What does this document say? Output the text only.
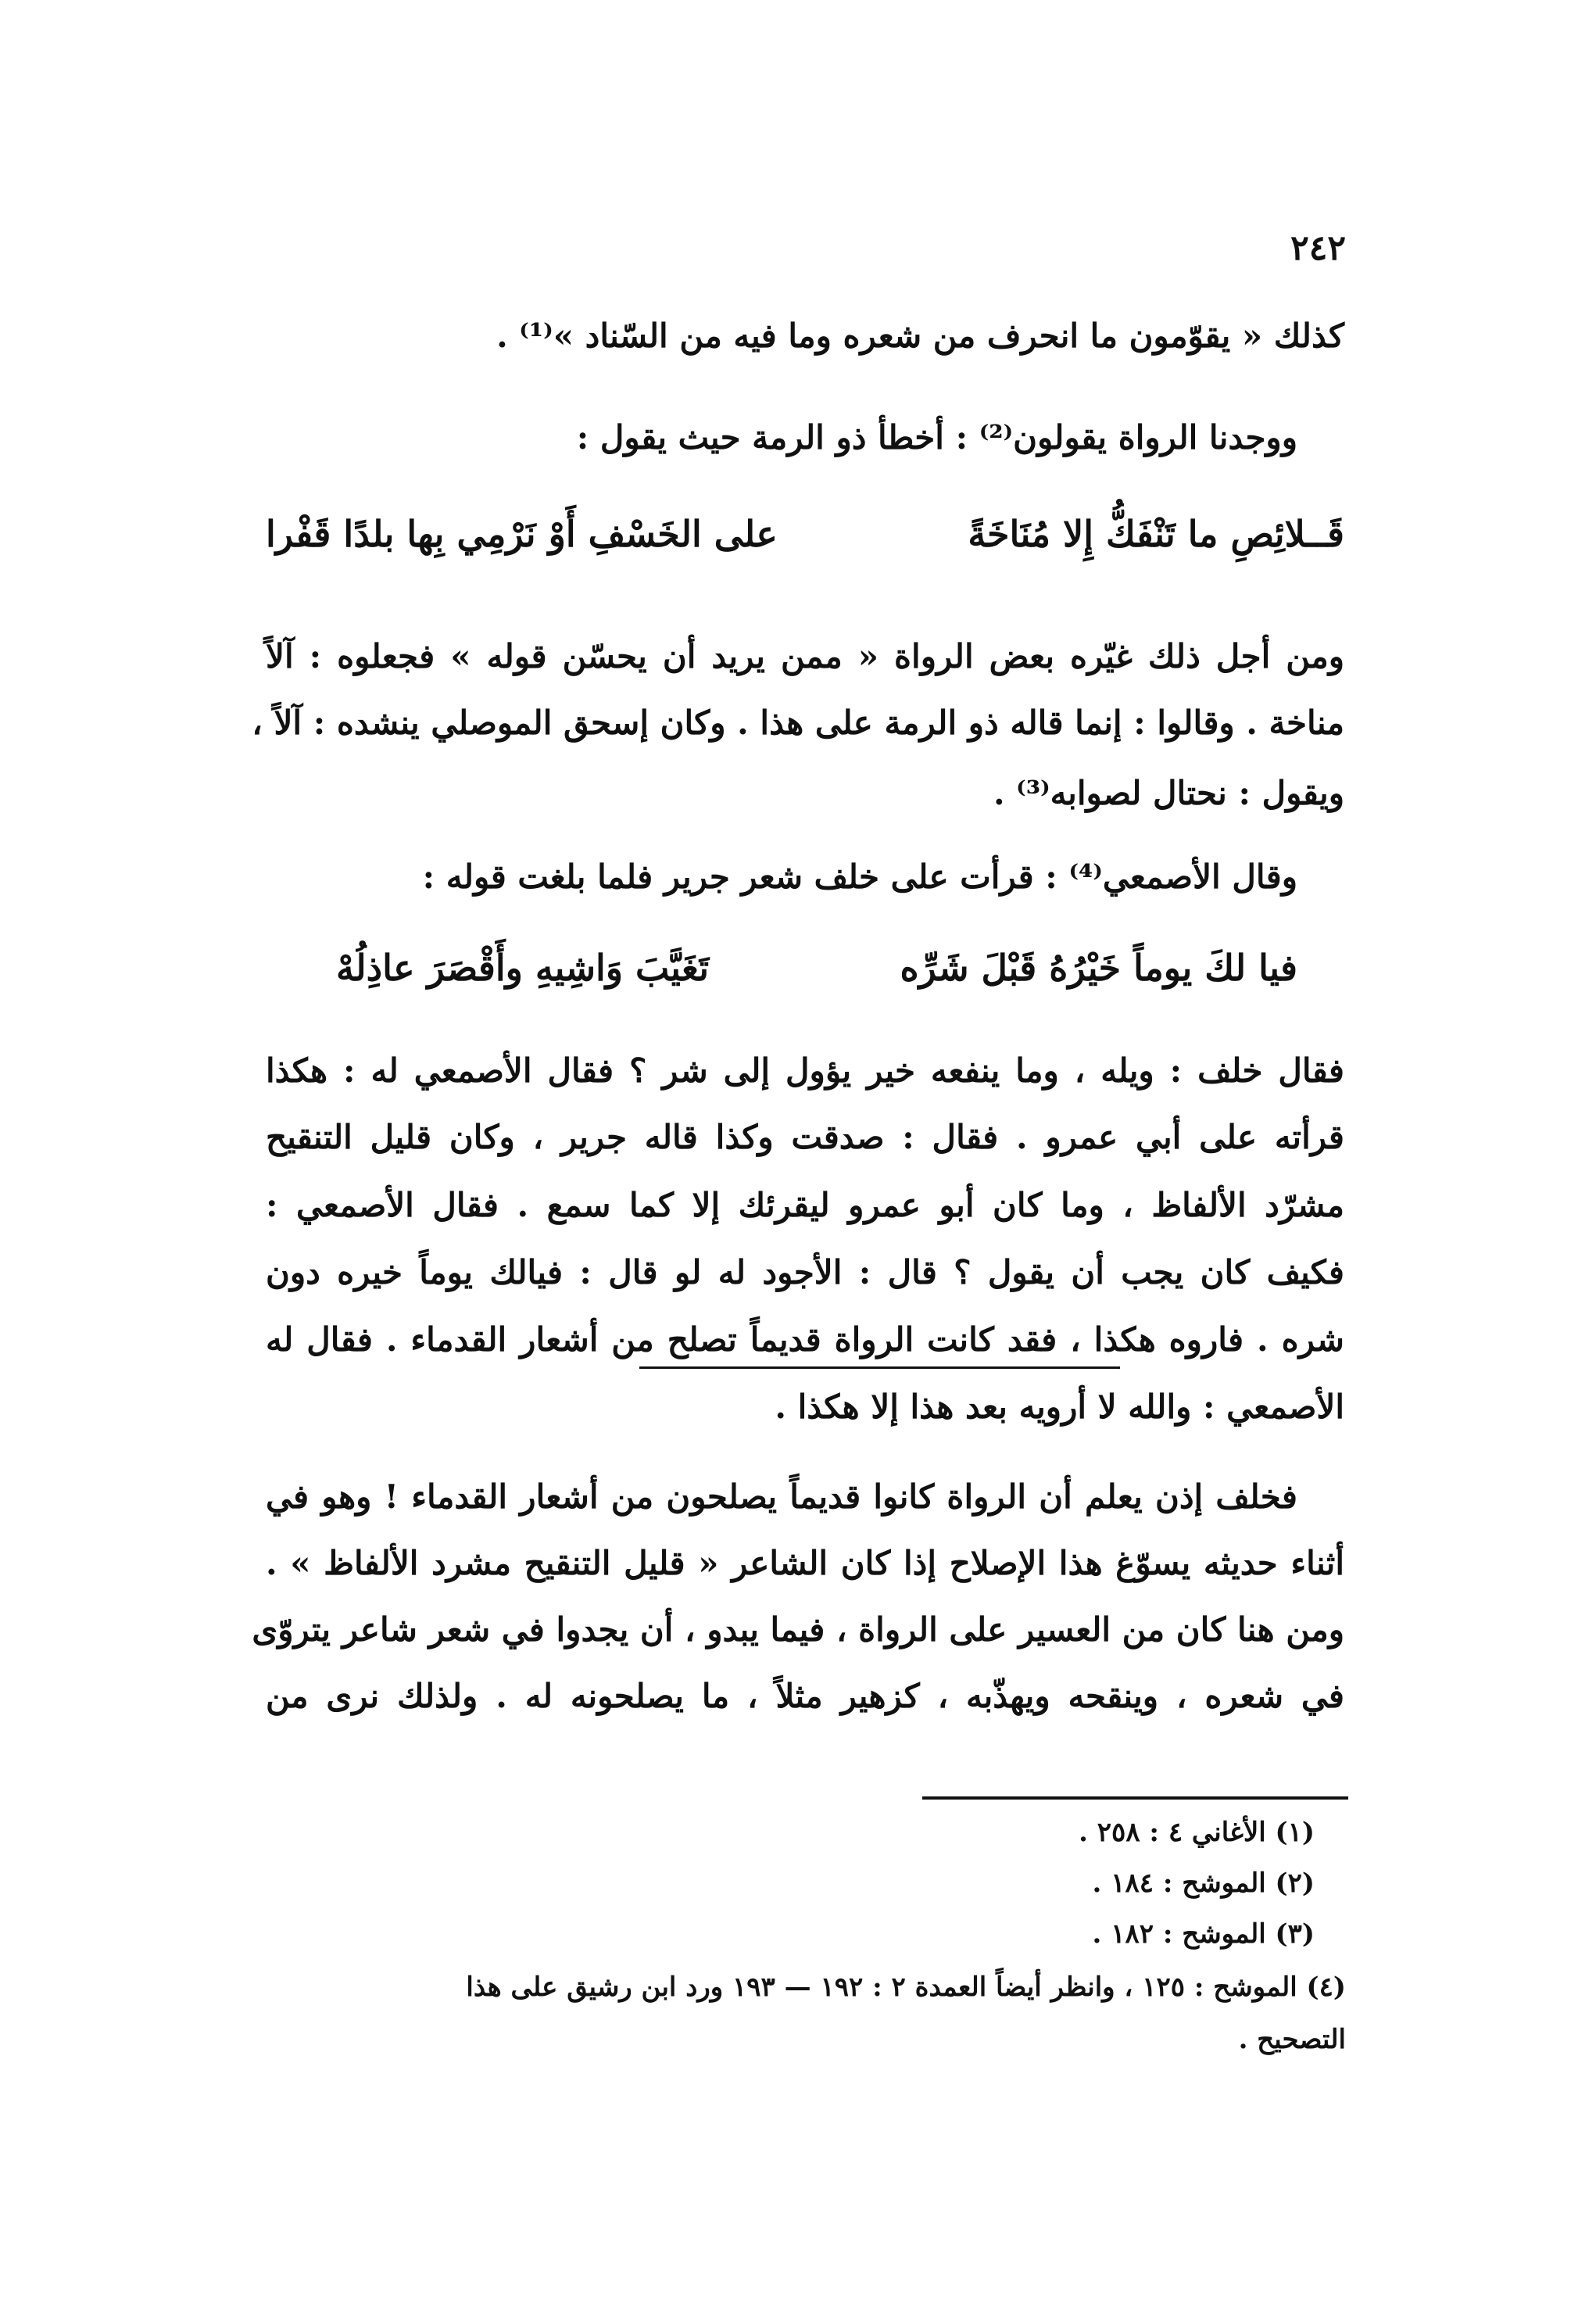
٢٤٢
كذلك « يقوّمون ما انحرف من شعره وما فيه من السّناد »⁽¹⁾ .
ووجدنا الرواة يقولون⁽²⁾ : أخطأ ذو الرمة حيث يقول :
قَــلائِصِ ما تَنْفَكُّ إِلا مُنَاخَةً
على الخَسْفِ أَوْ نَرْمِي بِها بلدًا قَفْرا
ومن أجل ذلك غيّره بعض الرواة « ممن يريد أن يحسّن قوله » فجعلوه : آلاً
مناخة . وقالوا : إنما قاله ذو الرمة على هذا . وكان إسحق الموصلي ينشده : آلاً ،
ويقول : نحتال لصوابه⁽³⁾ .
وقال الأصمعي⁽⁴⁾ : قرأت على خلف شعر جرير فلما بلغت قوله :
فيا لكَ يوماً خَيْرُهُ قَبْلَ شَرِّه
تَغَيَّبَ وَاشِيهِ وأَقْصَرَ عاذِلُهْ
فقال خلف : ويله ، وما ينفعه خير يؤول إلى شر ؟ فقال الأصمعي له : هكذا
قرأته على أبي عمرو . فقال : صدقت وكذا قاله جرير ، وكان قليل التنقيح
مشرّد الألفاظ ، وما كان أبو عمرو ليقرئك إلا كما سمع . فقال الأصمعي :
فكيف كان يجب أن يقول ؟ قال : الأجود له لو قال : فيالك يوماً خيره دون
شره . فاروه هكذا ، فقد كانت الرواة قديماً تصلح من أشعار القدماء . فقال له
الأصمعي : والله لا أرويه بعد هذا إلا هكذا .
فخلف إذن يعلم أن الرواة كانوا قديماً يصلحون من أشعار القدماء ! وهو في
أثناء حديثه يسوّغ هذا الإصلاح إذا كان الشاعر « قليل التنقيح مشرد الألفاظ » .
ومن هنا كان من العسير على الرواة ، فيما يبدو ، أن يجدوا في شعر شاعر يتروّى
في شعره ، وينقحه ويهذّبه ، كزهير مثلاً ، ما يصلحونه له . ولذلك نرى من
(١) الأغاني ٤ : ٢٥٨ .
(٢) الموشح : ١٨٤ .
(٣) الموشح : ١٨٢ .
(٤) الموشح : ١٢٥ ، وانظر أيضاً العمدة ٢ : ١٩٢ — ١٩٣ ورد ابن رشيق على هذا
التصحيح .
